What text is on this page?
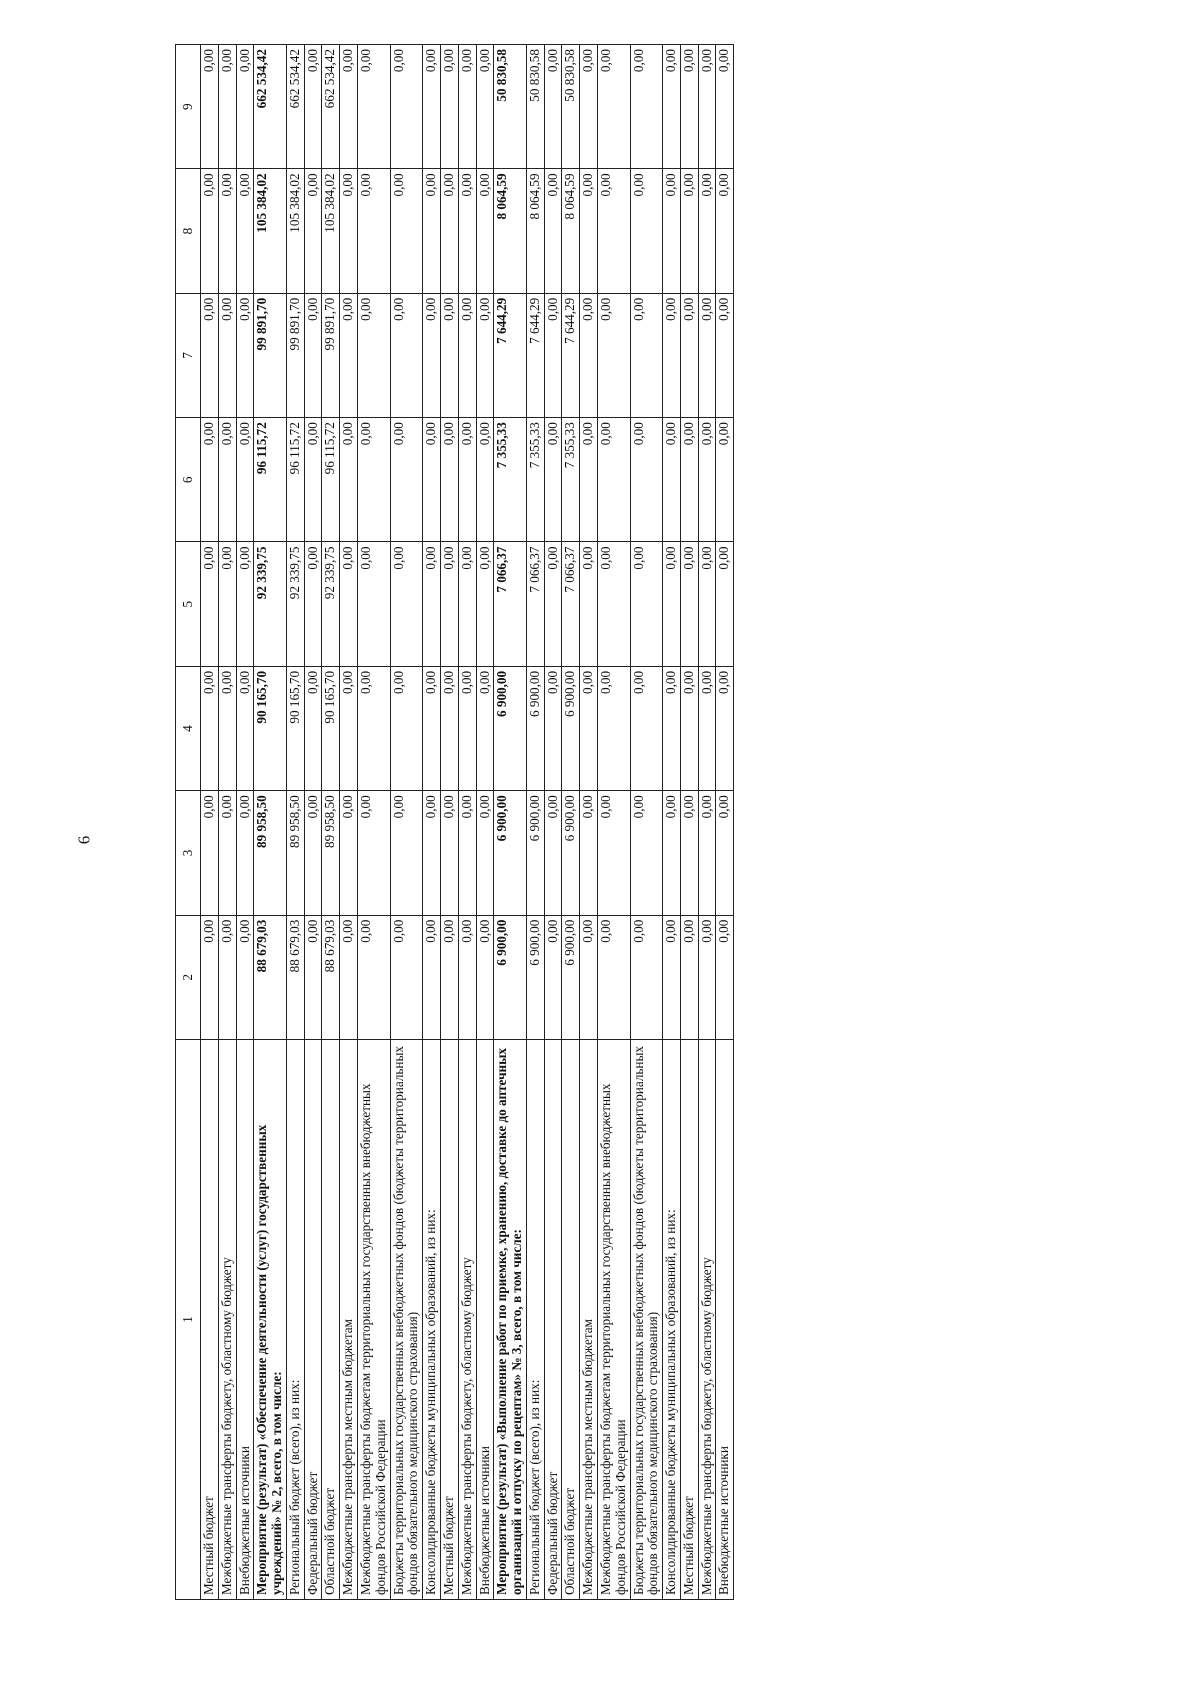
6
1	2	3	4	5	6	7	8	9
Местный бюджет	0,00	0,00	0,00	0,00	0,00	0,00	0,00	0,00
Межбюджетные трансферты бюджету, областному бюджету	0,00	0,00	0,00	0,00	0,00	0,00	0,00	0,00
Внебюджетные источники	0,00	0,00	0,00	0,00	0,00	0,00	0,00	0,00
Мероприятие (результат) «Обеспечение деятельности (услуг) государственных учреждений» № 2, всего, в том числе:	88 679,03	89 958,50	90 165,70	92 339,75	96 115,72	99 891,70	105 384,02	662 534,42
Региональный бюджет (всего), из них:	88 679,03	89 958,50	90 165,70	92 339,75	96 115,72	99 891,70	105 384,02	662 534,42
Федеральный бюджет	0,00	0,00	0,00	0,00	0,00	0,00	0,00	0,00
Областной бюджет	88 679,03	89 958,50	90 165,70	92 339,75	96 115,72	99 891,70	105 384,02	662 534,42
Межбюджетные трансферты местным бюджетам	0,00	0,00	0,00	0,00	0,00	0,00	0,00	0,00
Межбюджетные трансферты бюджетам территориальных государственных внебюджетных фондов Российской Федерации	0,00	0,00	0,00	0,00	0,00	0,00	0,00	0,00
Бюджеты территориальных государственных внебюджетных фондов (бюджеты территориальных фондов обязательного медицинского страхования)	0,00	0,00	0,00	0,00	0,00	0,00	0,00	0,00
Консолидированные бюджеты муниципальных образований, из них:	0,00	0,00	0,00	0,00	0,00	0,00	0,00	0,00
Местный бюджет	0,00	0,00	0,00	0,00	0,00	0,00	0,00	0,00
Межбюджетные трансферты бюджету, областному бюджету	0,00	0,00	0,00	0,00	0,00	0,00	0,00	0,00
Внебюджетные источники	0,00	0,00	0,00	0,00	0,00	0,00	0,00	0,00
Мероприятие (результат) «Выполнение работ по приемке, хранению, доставке до аптечных организаций и отпуску по рецептам» № 3, всего, в том числе:	6 900,00	6 900,00	6 900,00	7 066,37	7 355,33	7 644,29	8 064,59	50 830,58
Региональный бюджет (всего), из них:	6 900,00	6 900,00	6 900,00	7 066,37	7 355,33	7 644,29	8 064,59	50 830,58
Федеральный бюджет	0,00	0,00	0,00	0,00	0,00	0,00	0,00	0,00
Областной бюджет	6 900,00	6 900,00	6 900,00	7 066,37	7 355,33	7 644,29	8 064,59	50 830,58
Межбюджетные трансферты местным бюджетам	0,00	0,00	0,00	0,00	0,00	0,00	0,00	0,00
Межбюджетные трансферты бюджетам территориальных государственных внебюджетных фондов Российской Федерации	0,00	0,00	0,00	0,00	0,00	0,00	0,00	0,00
Бюджеты территориальных государственных внебюджетных фондов (бюджеты территориальных фондов обязательного медицинского страхования)	0,00	0,00	0,00	0,00	0,00	0,00	0,00	0,00
Консолидированные бюджеты муниципальных образований, из них:	0,00	0,00	0,00	0,00	0,00	0,00	0,00	0,00
Местный бюджет	0,00	0,00	0,00	0,00	0,00	0,00	0,00	0,00
Межбюджетные трансферты бюджету, областному бюджету	0,00	0,00	0,00	0,00	0,00	0,00	0,00	0,00
Внебюджетные источники	0,00	0,00	0,00	0,00	0,00	0,00	0,00	0,00
